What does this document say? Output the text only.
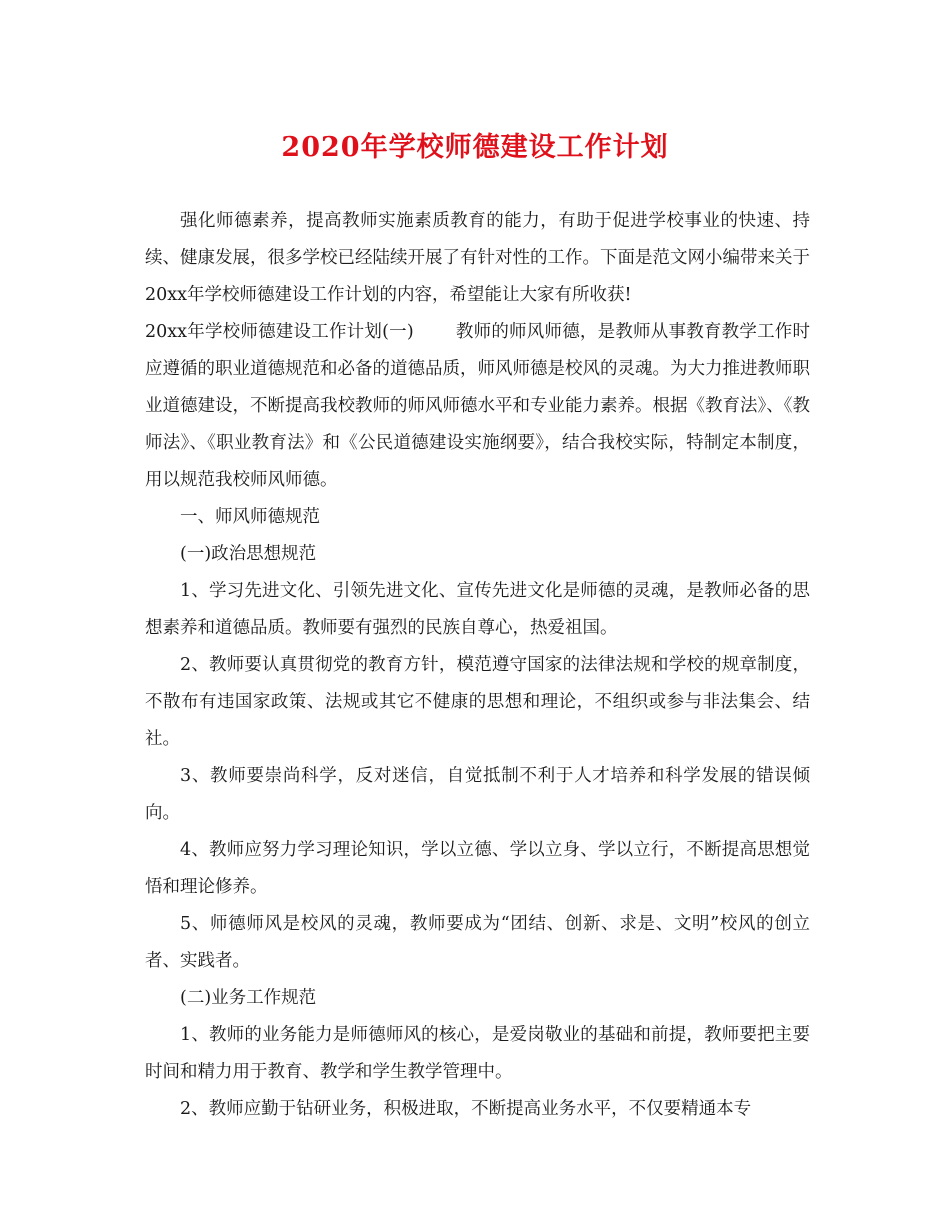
2020年学校师德建设工作计划

强化师德素养，提高教师实施素质教育的能力，有助于促进学校事业的快速、持续、健康发展，很多学校已经陆续开展了有针对性的工作。下面是范文网小编带来关于20xx年学校师德建设工作计划的内容，希望能让大家有所收获!

20xx年学校师德建设工作计划(一) 教师的师风师德，是教师从事教育教学工作时应遵循的职业道德规范和必备的道德品质，师风师德是校风的灵魂。为大力推进教师职业道德建设，不断提高我校教师的师风师德水平和专业能力素养。根据《教育法》、《教师法》、《职业教育法》和《公民道德建设实施纲要》，结合我校实际，特制定本制度，用以规范我校师风师德。

一、师风师德规范

(一)政治思想规范

1、学习先进文化、引领先进文化、宣传先进文化是师德的灵魂，是教师必备的思想素养和道德品质。教师要有强烈的民族自尊心，热爱祖国。

2、教师要认真贯彻党的教育方针，模范遵守国家的法律法规和学校的规章制度，不散布有违国家政策、法规或其它不健康的思想和理论，不组织或参与非法集会、结社。

3、教师要崇尚科学，反对迷信，自觉抵制不利于人才培养和科学发展的错误倾向。

4、教师应努力学习理论知识，学以立德、学以立身、学以立行，不断提高思想觉悟和理论修养。

5、师德师风是校风的灵魂，教师要成为“团结、创新、求是、文明”校风的创立者、实践者。

(二)业务工作规范

1、教师的业务能力是师德师风的核心，是爱岗敬业的基础和前提，教师要把主要时间和精力用于教育、教学和学生教学管理中。

2、教师应勤于钻研业务，积极进取，不断提高业务水平，不仅要精通本专
